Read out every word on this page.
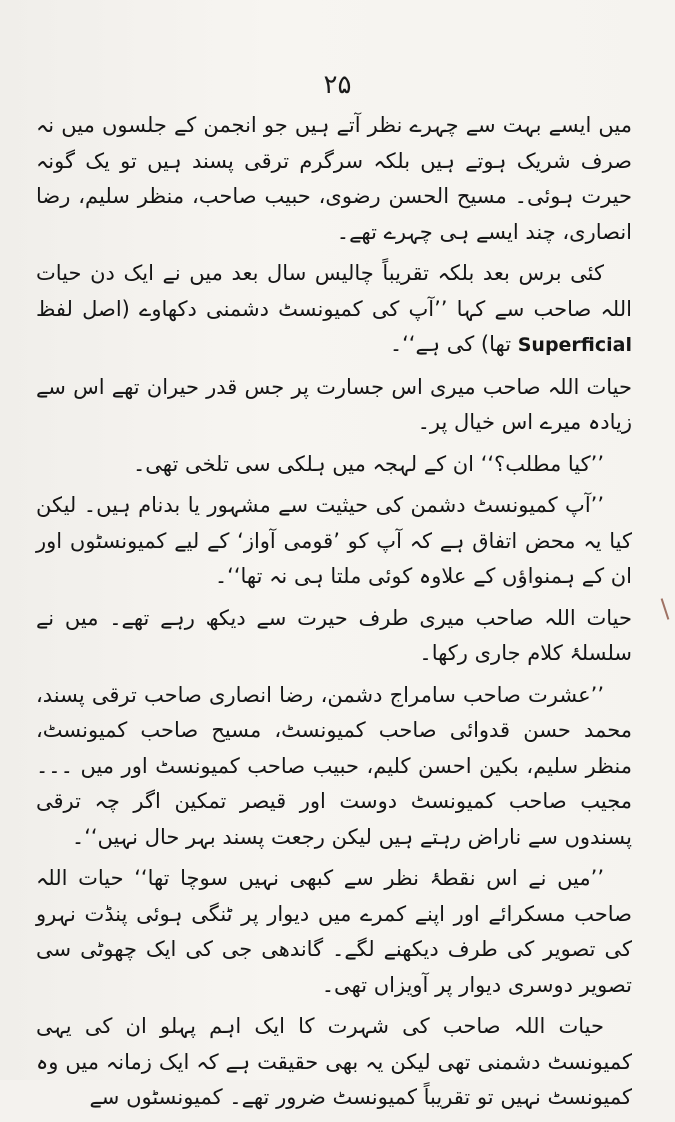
۲۵

میں ایسے بہت سے چہرے نظر آتے ہیں جو انجمن کے جلسوں میں نہ صرف شریک ہوتے ہیں بلکہ سرگرم ترقی پسند ہیں تو یک گونہ حیرت ہوئی۔ مسیح الحسن رضوی، حبیب صاحب، منظر سلیم، رضا انصاری، چند ایسے ہی چہرے تھے۔

کئی برس بعد بلکہ تقریباً چالیس سال بعد میں نے ایک دن حیات اللہ صاحب سے کہا ’’آپ کی کمیونسٹ دشمنی دکھاوے (اصل لفظ Superficial تھا) کی ہے‘‘۔

حیات اللہ صاحب میری اس جسارت پر جس قدر حیران تھے اس سے زیادہ میرے اس خیال پر۔

’’کیا مطلب؟‘‘ ان کے لہجہ میں ہلکی سی تلخی تھی۔

’’آپ کمیونسٹ دشمن کی حیثیت سے مشہور یا بدنام ہیں۔ لیکن کیا یہ محض اتفاق ہے کہ آپ کو ’قومی آواز‘ کے لیے کمیونسٹوں اور ان کے ہمنواؤں کے علاوہ کوئی ملتا ہی نہ تھا‘‘۔

حیات اللہ صاحب میری طرف حیرت سے دیکھ رہے تھے۔ میں نے سلسلۂ کلام جاری رکھا۔

’’عشرت صاحب سامراج دشمن، رضا انصاری صاحب ترقی پسند، محمد حسن قدوائی صاحب کمیونسٹ، مسیح صاحب کمیونسٹ، منظر سلیم، بکین احسن کلیم، حبیب صاحب کمیونسٹ اور میں ۔۔۔ مجیب صاحب کمیونسٹ دوست اور قیصر تمکین اگر چہ ترقی پسندوں سے ناراض رہتے ہیں لیکن رجعت پسند بہر حال نہیں‘‘۔

’’میں نے اس نقطۂ نظر سے کبھی نہیں سوچا تھا‘‘ حیات اللہ صاحب مسکرائے اور اپنے کمرے میں دیوار پر ٹنگی ہوئی پنڈت نہرو کی تصویر کی طرف دیکھنے لگے۔ گاندھی جی کی ایک چھوٹی سی تصویر دوسری دیوار پر آویزاں تھی۔

حیات اللہ صاحب کی شہرت کا ایک اہم پہلو ان کی یہی کمیونسٹ دشمنی تھی لیکن یہ بھی حقیقت ہے کہ ایک زمانہ میں وہ کمیونسٹ نہیں تو تقریباً کمیونسٹ ضرور تھے۔ کمیونسٹوں سے
